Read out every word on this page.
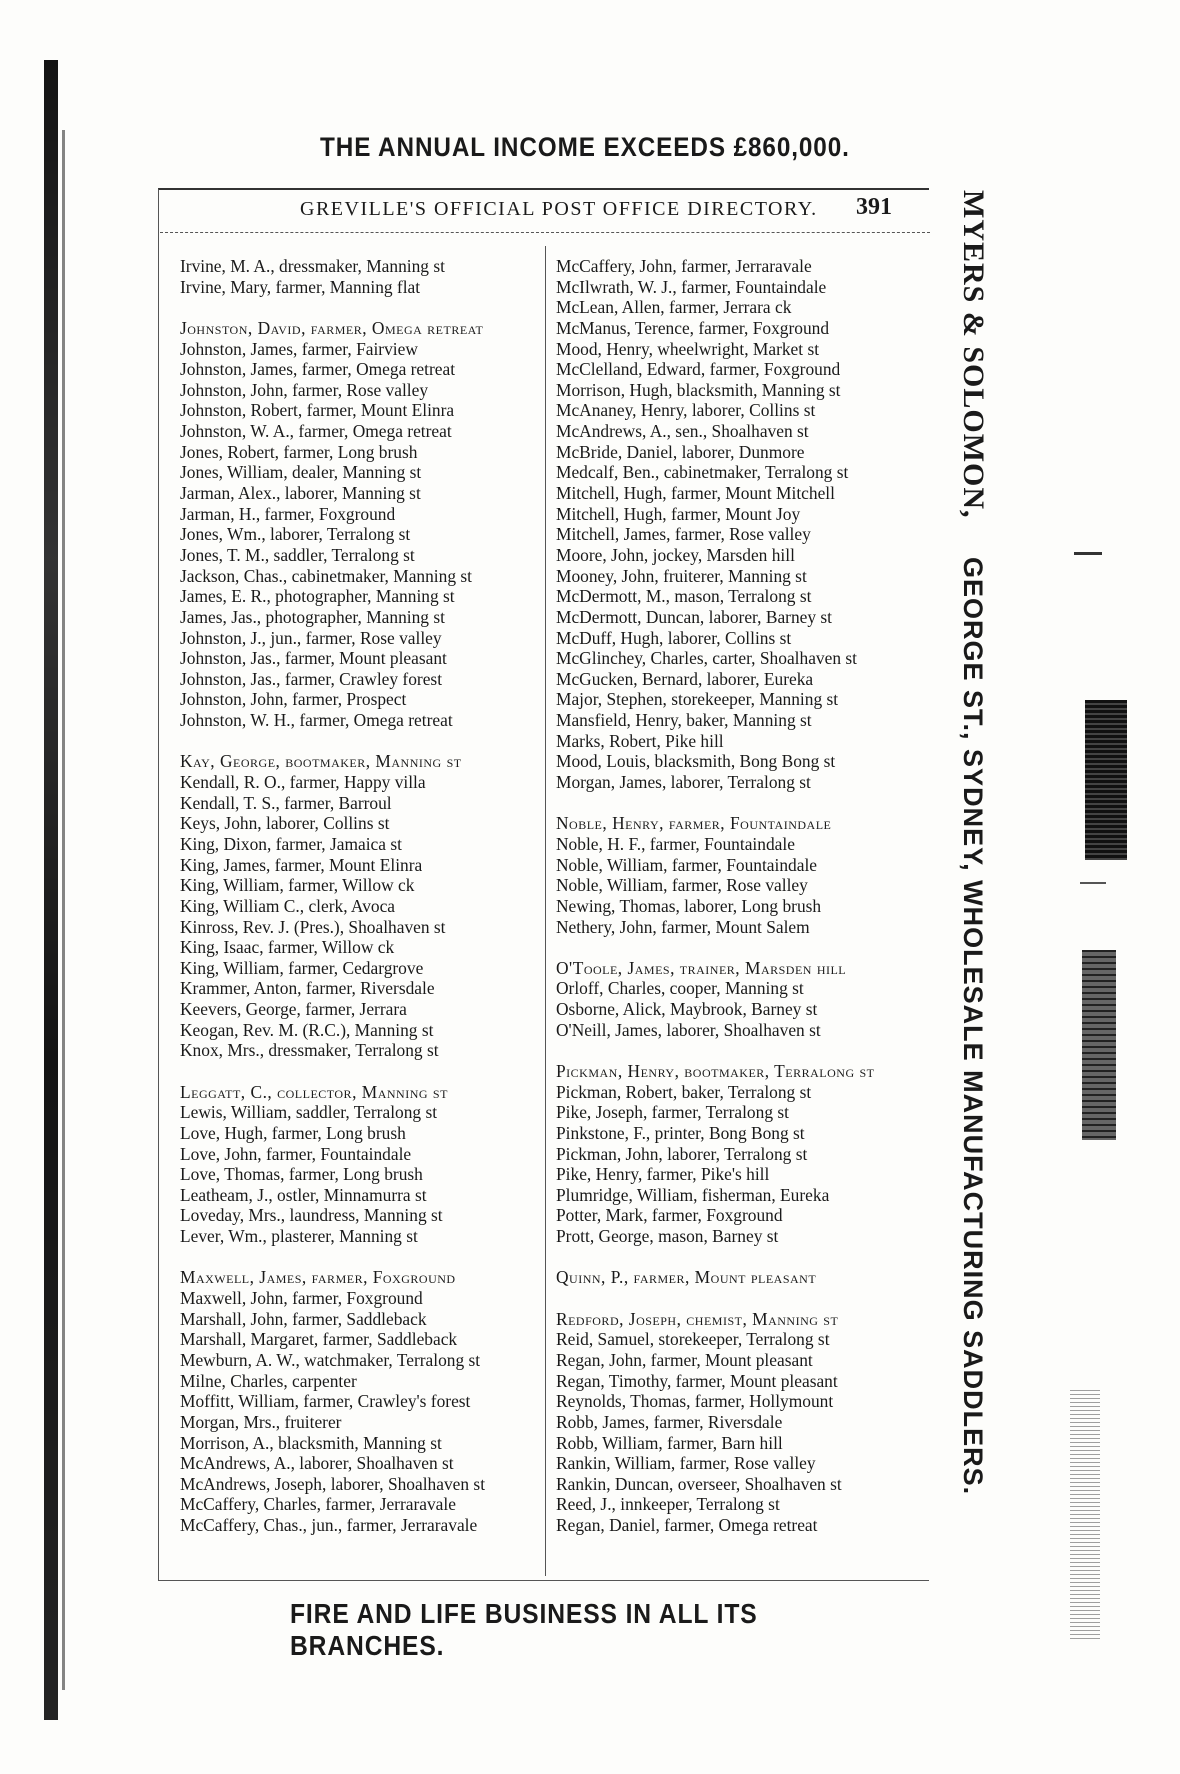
THE ANNUAL INCOME EXCEEDS £860,000.
GREVILLE'S OFFICIAL POST OFFICE DIRECTORY. 391
Irvine, M. A., dressmaker, Manning st
Irvine, Mary, farmer, Manning flat
Johnston, David, farmer, Omega retreat
Johnston, James, farmer, Fairview
Johnston, James, farmer, Omega retreat
Johnston, John, farmer, Rose valley
Johnston, Robert, farmer, Mount Elinra
Johnston, W. A., farmer, Omega retreat
Jones, Robert, farmer, Long brush
Jones, William, dealer, Manning st
Jarman, Alex., laborer, Manning st
Jarman, H., farmer, Foxground
Jones, Wm., laborer, Terralong st
Jones, T. M., saddler, Terralong st
Jackson, Chas., cabinetmaker, Manning st
James, E. R., photographer, Manning st
James, Jas., photographer, Manning st
Johnston, J., jun., farmer, Rose valley
Johnston, Jas., farmer, Mount pleasant
Johnston, Jas., farmer, Crawley forest
Johnston, John, farmer, Prospect
Johnston, W. H., farmer, Omega retreat
Kay, George, bootmaker, Manning st
Kendall, R. O., farmer, Happy villa
Kendall, T. S., farmer, Barroul
Keys, John, laborer, Collins st
King, Dixon, farmer, Jamaica st
King, James, farmer, Mount Elinra
King, William, farmer, Willow ck
King, William C., clerk, Avoca
Kinross, Rev. J. (Pres.), Shoalhaven st
King, Isaac, farmer, Willow ck
King, William, farmer, Cedargrove
Krammer, Anton, farmer, Riversdale
Keevers, George, farmer, Jerrara
Keogan, Rev. M. (R.C.), Manning st
Knox, Mrs., dressmaker, Terralong st
Leggatt, C., collector, Manning st
Lewis, William, saddler, Terralong st
Love, Hugh, farmer, Long brush
Love, John, farmer, Fountaindale
Love, Thomas, farmer, Long brush
Leatheam, J., ostler, Minnamurra st
Loveday, Mrs., laundress, Manning st
Lever, Wm., plasterer, Manning st
Maxwell, James, farmer, Foxground
Maxwell, John, farmer, Foxground
Marshall, John, farmer, Saddleback
Marshall, Margaret, farmer, Saddleback
Mewburn, A. W., watchmaker, Terralong st
Milne, Charles, carpenter
Moffitt, William, farmer, Crawley's forest
Morgan, Mrs., fruiterer
Morrison, A., blacksmith, Manning st
McAndrews, A., laborer, Shoalhaven st
McAndrews, Joseph, laborer, Shoalhaven st
McCaffery, Charles, farmer, Jerraravale
McCaffery, Chas., jun., farmer, Jerraravale
McCaffery, John, farmer, Jerraravale
McIlwrath, W. J., farmer, Fountaindale
McLean, Allen, farmer, Jerrara ck
McManus, Terence, farmer, Foxground
Mood, Henry, wheelwright, Market st
McClelland, Edward, farmer, Foxground
Morrison, Hugh, blacksmith, Manning st
McAnaney, Henry, laborer, Collins st
McAndrews, A., sen., Shoalhaven st
McBride, Daniel, laborer, Dunmore
Medcalf, Ben., cabinetmaker, Terralong st
Mitchell, Hugh, farmer, Mount Mitchell
Mitchell, Hugh, farmer, Mount Joy
Mitchell, James, farmer, Rose valley
Moore, John, jockey, Marsden hill
Mooney, John, fruiterer, Manning st
McDermott, M., mason, Terralong st
McDermott, Duncan, laborer, Barney st
McDuff, Hugh, laborer, Collins st
McGlinchey, Charles, carter, Shoalhaven st
McGucken, Bernard, laborer, Eureka
Major, Stephen, storekeeper, Manning st
Mansfield, Henry, baker, Manning st
Marks, Robert, Pike hill
Mood, Louis, blacksmith, Bong Bong st
Morgan, James, laborer, Terralong st
Noble, Henry, farmer, Fountaindale
Noble, H. F., farmer, Fountaindale
Noble, William, farmer, Fountaindale
Noble, William, farmer, Rose valley
Newing, Thomas, laborer, Long brush
Nethery, John, farmer, Mount Salem
O'Toole, James, trainer, Marsden hill
Orloff, Charles, cooper, Manning st
Osborne, Alick, Maybrook, Barney st
O'Neill, James, laborer, Shoalhaven st
Pickman, Henry, bootmaker, Terralong st
Pickman, Robert, baker, Terralong st
Pike, Joseph, farmer, Terralong st
Pinkstone, F., printer, Bong Bong st
Pickman, John, laborer, Terralong st
Pike, Henry, farmer, Pike's hill
Plumridge, William, fisherman, Eureka
Potter, Mark, farmer, Foxground
Prott, George, mason, Barney st
Quinn, P., farmer, Mount pleasant
Redford, Joseph, chemist, Manning st
Reid, Samuel, storekeeper, Terralong st
Regan, John, farmer, Mount pleasant
Regan, Timothy, farmer, Mount pleasant
Reynolds, Thomas, farmer, Hollymount
Robb, James, farmer, Riversdale
Robb, William, farmer, Barn hill
Rankin, William, farmer, Rose valley
Rankin, Duncan, overseer, Shoalhaven st
Reed, J., innkeeper, Terralong st
Regan, Daniel, farmer, Omega retreat
MYERS & SOLOMON, GEORGE ST., SYDNEY, WHOLESALE MANUFACTURING SADDLERS.
FIRE AND LIFE BUSINESS IN ALL ITS BRANCHES.
